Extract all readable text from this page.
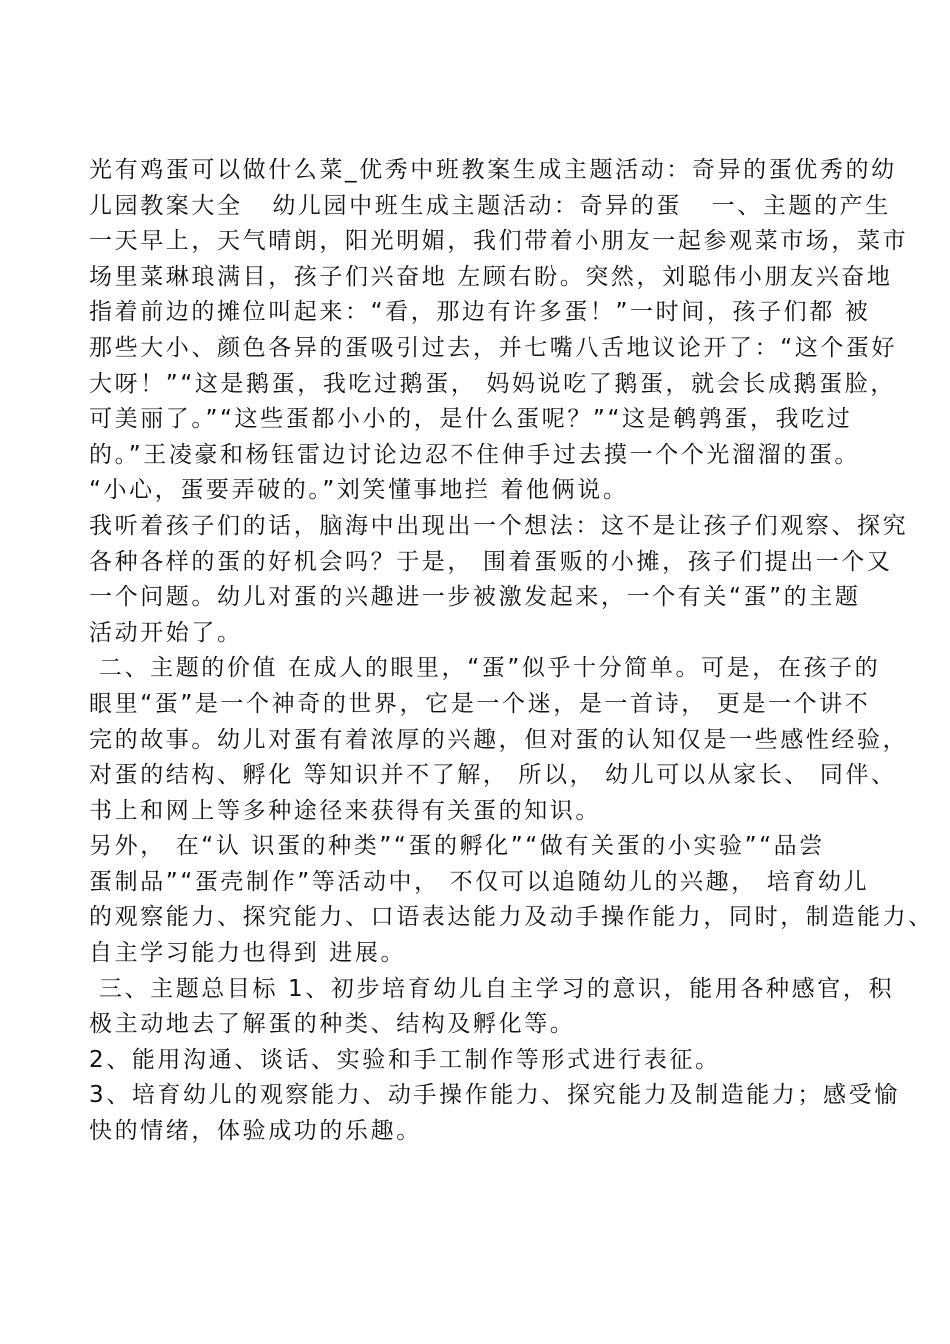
光有鸡蛋可以做什么菜_优秀中班教案生成主题活动：奇异的蛋优秀的幼
儿园教案大全   幼儿园中班生成主题活动：奇异的蛋   一、主题的产生
一天早上，天气晴朗，阳光明媚，我们带着小朋友一起参观菜市场，菜市
场里菜琳琅满目，孩子们兴奋地 左顾右盼。突然，刘聪伟小朋友兴奋地
指着前边的摊位叫起来：“看，那边有许多蛋！”一时间，孩子们都 被
那些大小、颜色各异的蛋吸引过去，并七嘴八舌地议论开了：“这个蛋好
大呀！”“这是鹅蛋，我吃过鹅蛋， 妈妈说吃了鹅蛋，就会长成鹅蛋脸，
可美丽了。”“这些蛋都小小的，是什么蛋呢？”“这是鹌鹑蛋，我吃过
的。”王凌豪和杨钰雷边讨论边忍不住伸手过去摸一个个光溜溜的蛋。
“小心，蛋要弄破的。”刘笑懂事地拦 着他俩说。
我听着孩子们的话，脑海中出现出一个想法：这不是让孩子们观察、探究
各种各样的蛋的好机会吗？于是， 围着蛋贩的小摊，孩子们提出一个又
一个问题。幼儿对蛋的兴趣进一步被激发起来，一个有关“蛋”的主题
活动开始了。
二、主题的价值 在成人的眼里，“蛋”似乎十分简单。可是，在孩子的
眼里“蛋”是一个神奇的世界，它是一个迷，是一首诗， 更是一个讲不
完的故事。幼儿对蛋有着浓厚的兴趣，但对蛋的认知仅是一些感性经验，
对蛋的结构、孵化 等知识并不了解， 所以， 幼儿可以从家长、 同伴、
书上和网上等多种途径来获得有关蛋的知识。
另外， 在“认 识蛋的种类”“蛋的孵化”“做有关蛋的小实验”“品尝
蛋制品”“蛋壳制作”等活动中， 不仅可以追随幼儿的兴趣， 培育幼儿
的观察能力、探究能力、口语表达能力及动手操作能力，同时，制造能力、
自主学习能力也得到 进展。
三、主题总目标 1、初步培育幼儿自主学习的意识，能用各种感官，积
极主动地去了解蛋的种类、结构及孵化等。
2、能用沟通、谈话、实验和手工制作等形式进行表征。
3、培育幼儿的观察能力、动手操作能力、探究能力及制造能力；感受愉
快的情绪，体验成功的乐趣。
